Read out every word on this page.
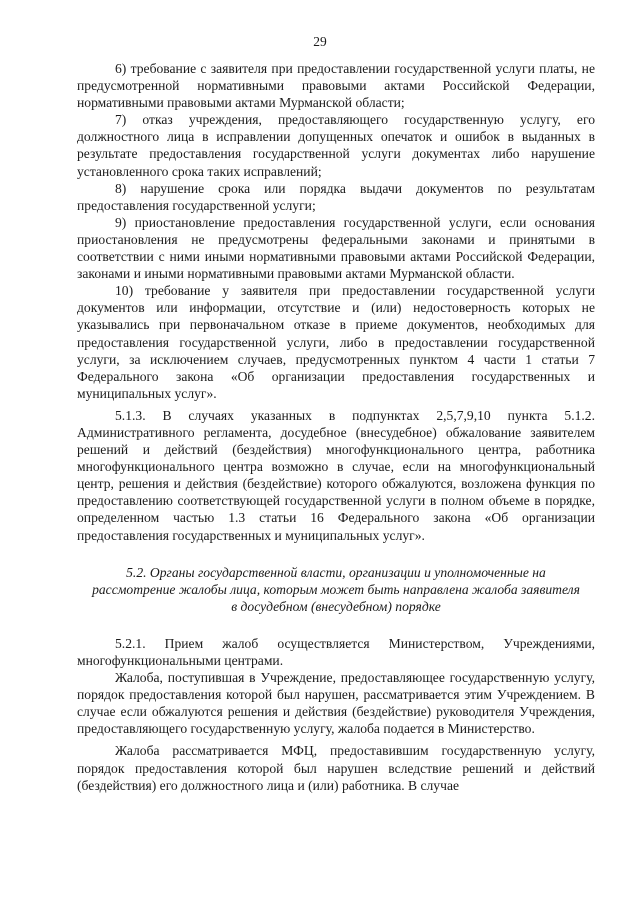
29

6) требование с заявителя при предоставлении государственной услуги платы, не предусмотренной нормативными правовыми актами Российской Федерации, нормативными правовыми актами Мурманской области;

7) отказ учреждения, предоставляющего государственную услугу, его должностного лица в исправлении допущенных опечаток и ошибок в выданных в результате предоставления государственной услуги документах либо нарушение установленного срока таких исправлений;

8) нарушение срока или порядка выдачи документов по результатам предоставления государственной услуги;

9) приостановление предоставления государственной услуги, если основания приостановления не предусмотрены федеральными законами и принятыми в соответствии с ними иными нормативными правовыми актами Российской Федерации, законами и иными нормативными правовыми актами Мурманской области.

10) требование у заявителя при предоставлении государственной услуги документов или информации, отсутствие и (или) недостоверность которых не указывались при первоначальном отказе в приеме документов, необходимых для предоставления государственной услуги, либо в предоставлении государственной услуги, за исключением случаев, предусмотренных пунктом 4 части 1 статьи 7 Федерального закона «Об организации предоставления государственных и муниципальных услуг».

5.1.3. В случаях указанных в подпунктах 2,5,7,9,10 пункта 5.1.2. Административного регламента, досудебное (внесудебное) обжалование заявителем решений и действий (бездействия) многофункционального центра, работника многофункционального центра возможно в случае, если на многофункциональный центр, решения и действия (бездействие) которого обжалуются, возложена функция по предоставлению соответствующей государственной услуги в полном объеме в порядке, определенном частью 1.3 статьи 16 Федерального закона «Об организации предоставления государственных и муниципальных услуг».

5.2. Органы государственной власти, организации и уполномоченные на рассмотрение жалобы лица, которым может быть направлена жалоба заявителя в досудебном (внесудебном) порядке

5.2.1. Прием жалоб осуществляется Министерством, Учреждениями, многофункциональными центрами.

Жалоба, поступившая в Учреждение, предоставляющее государственную услугу, порядок предоставления которой был нарушен, рассматривается этим Учреждением. В случае если обжалуются решения и действия (бездействие) руководителя Учреждения, предоставляющего государственную услугу, жалоба подается в Министерство.

Жалоба рассматривается МФЦ, предоставившим государственную услугу, порядок предоставления которой был нарушен вследствие решений и действий (бездействия) его должностного лица и (или) работника. В случае
